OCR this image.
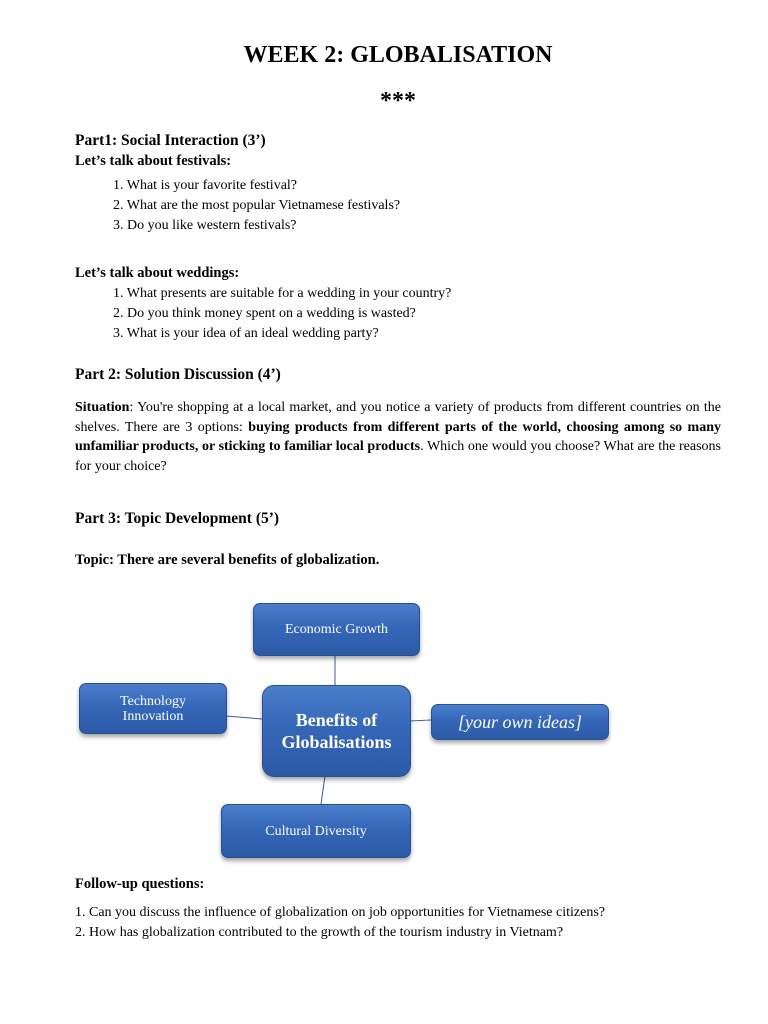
WEEK 2: GLOBALISATION
***
Part1: Social Interaction (3’)
Let’s talk about festivals:
1. What is your favorite festival?
2. What are the most popular Vietnamese festivals?
3. Do you like western festivals?
Let’s talk about weddings:
1. What presents are suitable for a wedding in your country?
2. Do you think money spent on a wedding is wasted?
3. What is your idea of an ideal wedding party?
Part 2: Solution Discussion (4’)
Situation: You're shopping at a local market, and you notice a variety of products from different countries on the shelves. There are 3 options: buying products from different parts of the world, choosing among so many unfamiliar products, or sticking to familiar local products. Which one would you choose? What are the reasons for your choice?
Part 3: Topic Development (5’)
Topic: There are several benefits of globalization.
Economic Growth
Technology
Innovation	Benefits of
Globalisations
[your own ideas]
Cultural Diversity
Follow-up questions:
1. Can you discuss the influence of globalization on job opportunities for Vietnamese citizens?
2. How has globalization contributed to the growth of the tourism industry in Vietnam?
